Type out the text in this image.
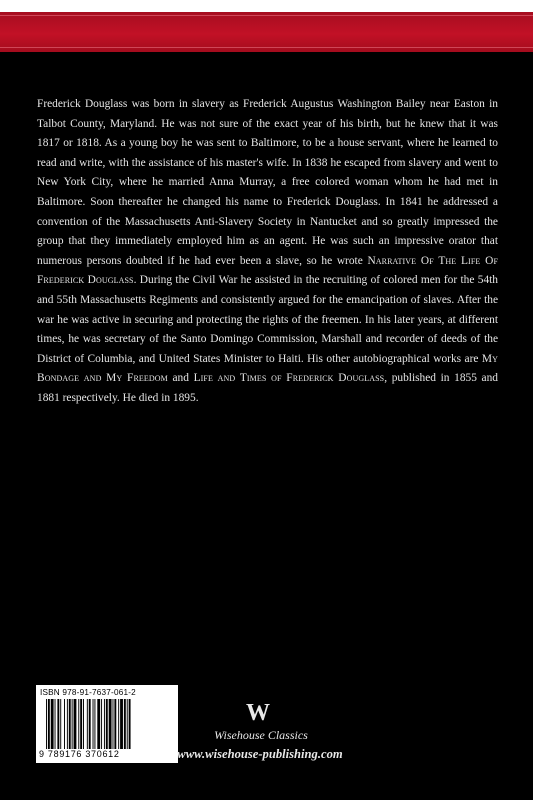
Frederick Douglass was born in slavery as Frederick Augustus Washington Bailey near Easton in Talbot County, Maryland. He was not sure of the exact year of his birth, but he knew that it was 1817 or 1818. As a young boy he was sent to Baltimore, to be a house servant, where he learned to read and write, with the assistance of his master's wife. In 1838 he escaped from slavery and went to New York City, where he married Anna Murray, a free colored woman whom he had met in Baltimore. Soon thereafter he changed his name to Frederick Douglass. In 1841 he addressed a convention of the Massachusetts Anti-Slavery Society in Nantucket and so greatly impressed the group that they immediately employed him as an agent. He was such an impressive orator that numerous persons doubted if he had ever been a slave, so he wrote Narrative Of The Life Of Frederick Douglass. During the Civil War he assisted in the recruiting of colored men for the 54th and 55th Massachusetts Regiments and consistently argued for the emancipation of slaves. After the war he was active in securing and protecting the rights of the freemen. In his later years, at different times, he was secretary of the Santo Domingo Commission, Marshall and recorder of deeds of the District of Columbia, and United States Minister to Haiti. His other autobiographical works are My Bondage and My Freedom and Life and Times of Frederick Douglass, published in 1855 and 1881 respectively. He died in 1895.

ISBN 978-91-7637-061-2
9 789176 370612
W
Wisehouse Classics
www.wisehouse-publishing.com
